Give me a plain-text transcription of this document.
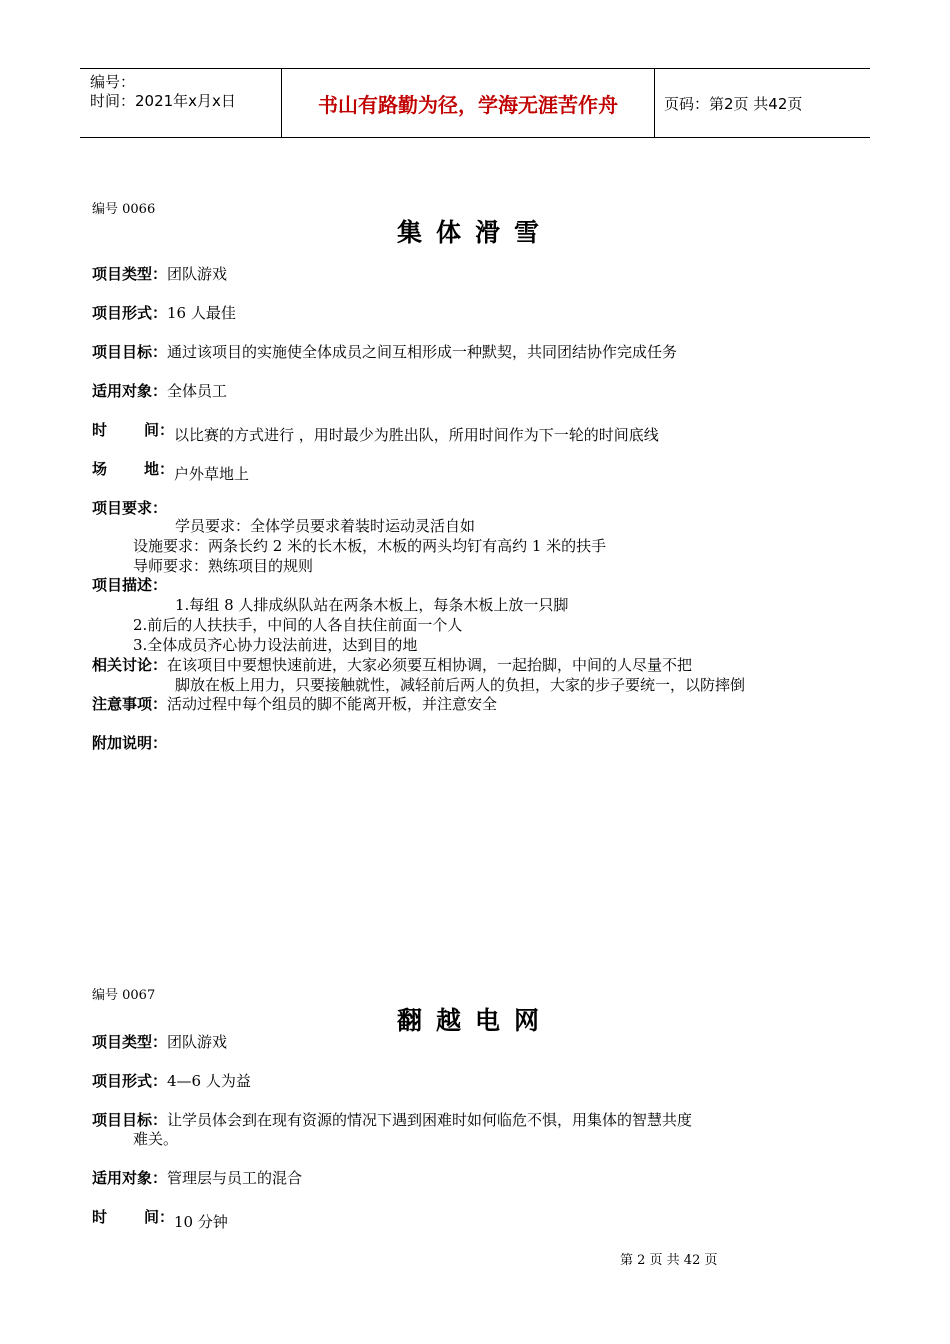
编号：
时间：2021年x月x日	书山有路勤为径，学海无涯苦作舟	页码：第2页 共42页
编号 0066
集体滑雪
项目类型：团队游戏
项目形式：16 人最佳
项目目标：通过该项目的实施使全体成员之间互相形成一种默契，共同团结协作完成任务
适用对象：全体员工
时 间： 以比赛的方式进行 ，用时最少为胜出队，所用时间作为下一轮的时间底线
场 地： 户外草地上
项目要求：
学员要求：全体学员要求着装时运动灵活自如
设施要求：两条长约 2 米的长木板，木板的两头均钉有高约 1 米的扶手
导师要求：熟练项目的规则
项目描述：
1.每组 8 人排成纵队站在两条木板上，每条木板上放一只脚
2.前后的人扶扶手，中间的人各自扶住前面一个人
3.全体成员齐心协力设法前进，达到目的地
相关讨论：在该项目中要想快速前进，大家必须要互相协调，一起抬脚，中间的人尽量不把
脚放在板上用力，只要接触就性，减轻前后两人的负担，大家的步子要统一，以防摔倒
注意事项：活动过程中每个组员的脚不能离开板，并注意安全
附加说明：
编号 0067
翻越电网
项目类型：团队游戏
项目形式：4—6 人为益
项目目标：让学员体会到在现有资源的情况下遇到困难时如何临危不惧，用集体的智慧共度
难关。
适用对象：管理层与员工的混合
时 间： 10 分钟
第 2 页 共 42 页
